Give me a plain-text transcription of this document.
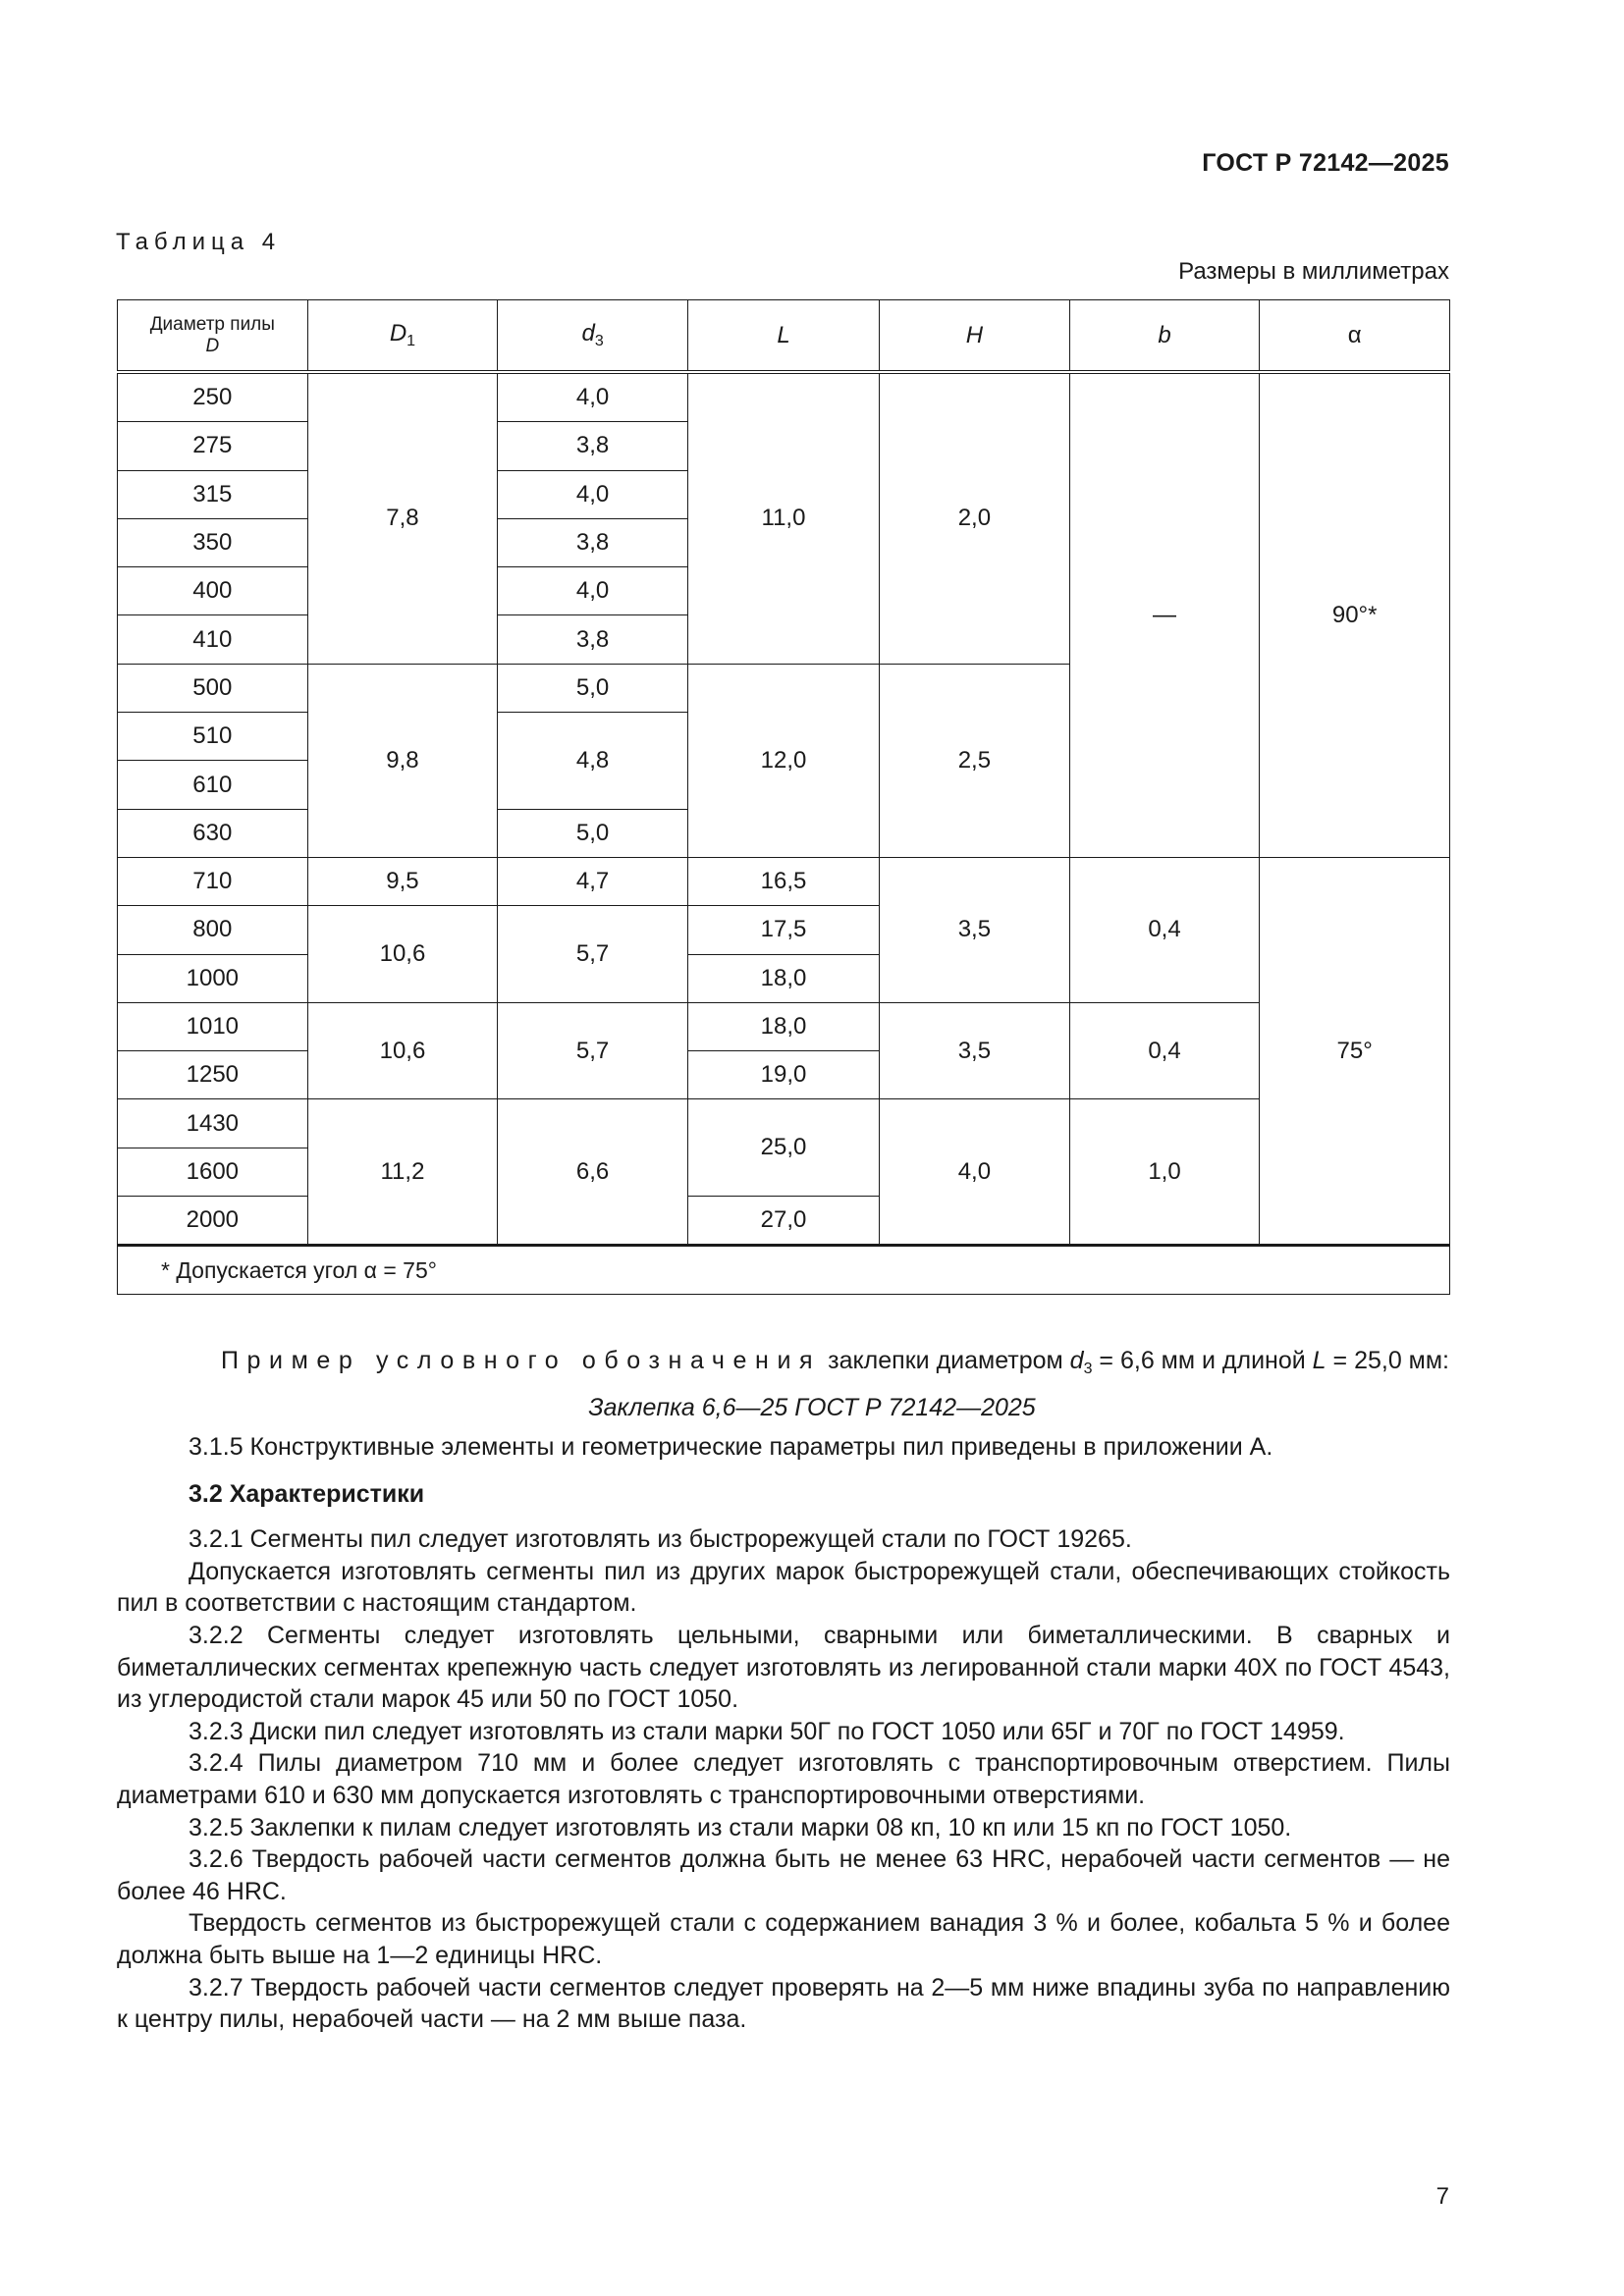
ГОСТ Р 72142—2025
Таблица 4
Размеры в миллиметрах
Диаметр пилы
D	$D_1$	$d_3$	L	H	b	α
250	7,8	4,0	11,0	2,0	—	90°*
275		3,8				
315		4,0				
350		3,8				
400		4,0				
410		3,8				
500	9,8	5,0	12,0	2,5		
510		4,8				
610						
630		5,0				
710	9,5	4,7	16,5	3,5	0,4	75°
800	10,6	5,7	17,5			
1000			18,0			
1010	10,6	5,7	18,0	3,5	0,4	
1250			19,0			
1430	11,2	6,6	25,0	4,0	1,0	
1600						
2000			27,0			
* Допускается угол α = 75°						
Пример условного обозначения заклепки диаметром $d_3 = 6,6$ мм и длиной L = 25,0 мм:
Заклепка 6,6—25 ГОСТ Р 72142—2025

3.1.5 Конструктивные элементы и геометрические параметры пил приведены в приложении А.

3.2 Характеристики

3.2.1 Сегменты пил следует изготовлять из быстрорежущей стали по ГОСТ 19265.

Допускается изготовлять сегменты пил из других марок быстрорежущей стали, обеспечивающих стойкость пил в соответствии с настоящим стандартом.

3.2.2 Сегменты следует изготовлять цельными, сварными или биметаллическими. В сварных и биметаллических сегментах крепежную часть следует изготовлять из легированной стали марки 40Х по ГОСТ 4543, из углеродистой стали марок 45 или 50 по ГОСТ 1050.

3.2.3 Диски пил следует изготовлять из стали марки 50Г по ГОСТ 1050 или 65Г и 70Г по ГОСТ 14959.

3.2.4 Пилы диаметром 710 мм и более следует изготовлять с транспортировочным отверстием. Пилы диаметрами 610 и 630 мм допускается изготовлять с транспортировочными отверстиями.

3.2.5 Заклепки к пилам следует изготовлять из стали марки 08 кп, 10 кп или 15 кп по ГОСТ 1050.

3.2.6 Твердость рабочей части сегментов должна быть не менее 63 HRC, нерабочей части сегментов — не более 46 HRC.

Твердость сегментов из быстрорежущей стали с содержанием ванадия 3 % и более, кобальта 5 % и более должна быть выше на 1—2 единицы HRC.

3.2.7 Твердость рабочей части сегментов следует проверять на 2—5 мм ниже впадины зуба по направлению к центру пилы, нерабочей части — на 2 мм выше паза.

7
